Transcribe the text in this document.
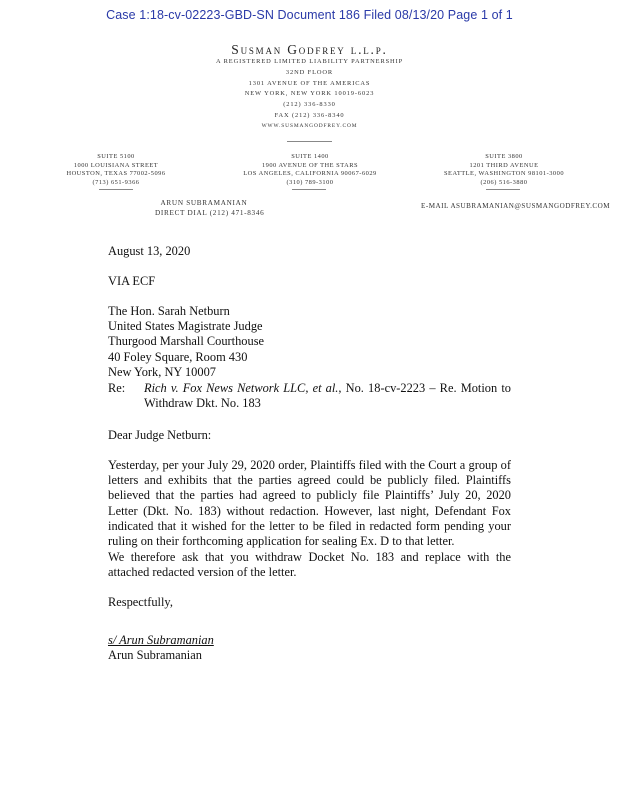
Case 1:18-cv-02223-GBD-SN Document 186 Filed 08/13/20 Page 1 of 1
Susman Godfrey l.l.p.
A REGISTERED LIMITED LIABILITY PARTNERSHIP
32ND FLOOR
1301 AVENUE OF THE AMERICAS
NEW YORK, NEW YORK 10019-6023
(212) 336-8330
FAX (212) 336-8340
WWW.SUSMANGODFREY.COM
SUITE 5100
1000 LOUISIANA STREET
HOUSTON, TEXAS 77002-5096
(713) 651-9366
SUITE 1400
1900 AVENUE OF THE STARS
LOS ANGELES, CALIFORNIA 90067-6029
(310) 789-3100
SUITE 3800
1201 THIRD AVENUE
SEATTLE, WASHINGTON 98101-3000
(206) 516-3880
ARUN SUBRAMANIAN
DIRECT DIAL (212) 471-8346
E-MAIL ASUBRAMANIAN@SUSMANGODFREY.COM
August 13, 2020
VIA ECF
The Hon. Sarah Netburn
United States Magistrate Judge
Thurgood Marshall Courthouse
40 Foley Square, Room 430
New York, NY 10007
Re: Rich v. Fox News Network LLC, et al., No. 18-cv-2223 – Re. Motion to
Withdraw Dkt. No. 183
Dear Judge Netburn:
Yesterday, per your July 29, 2020 order, Plaintiffs filed with the Court a group of letters and exhibits that the parties agreed could be publicly filed. Plaintiffs believed that the parties had agreed to publicly file Plaintiffs’ July 20, 2020 Letter (Dkt. No. 183) without redaction. However, last night, Defendant Fox indicated that it wished for the letter to be filed in redacted form pending your ruling on their forthcoming application for sealing Ex. D to that letter.
We therefore ask that you withdraw Docket No. 183 and replace with the attached redacted version of the letter.
Respectfully,
s/ Arun Subramanian
Arun Subramanian
